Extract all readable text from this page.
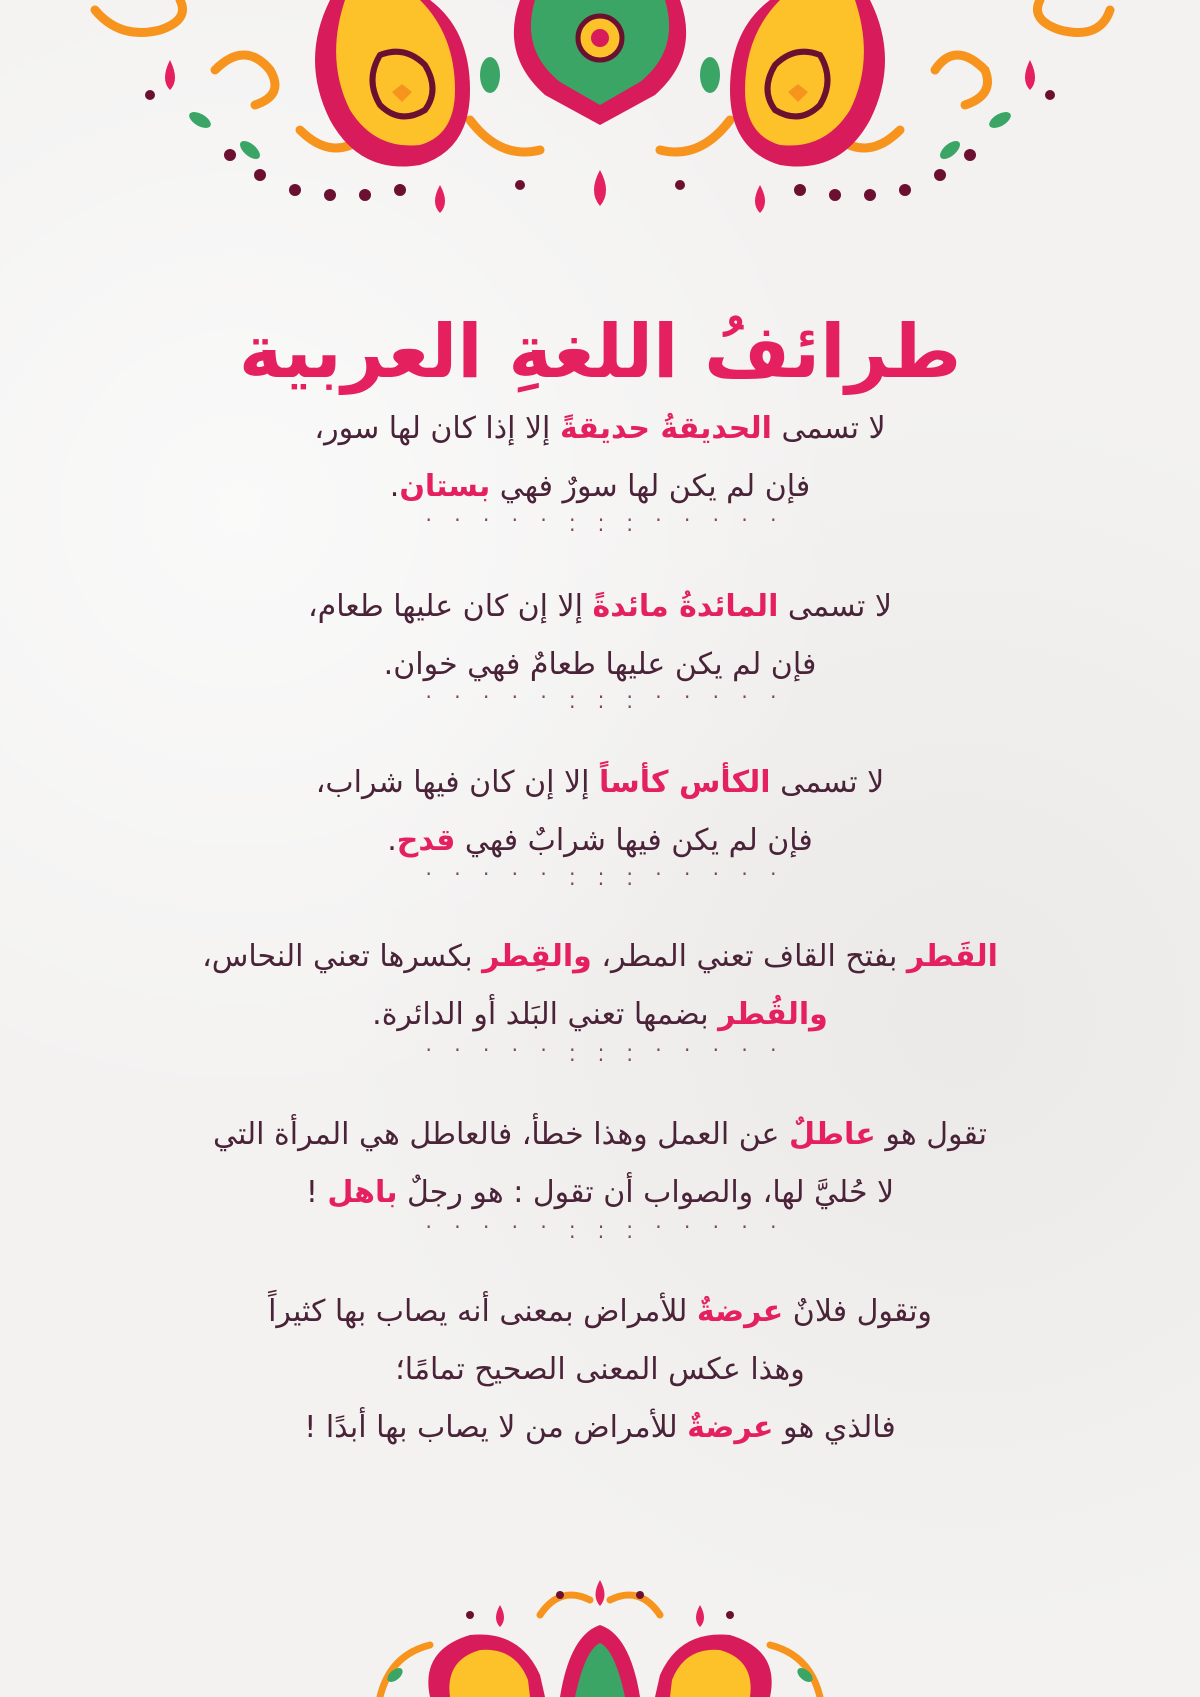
طرائفُ اللغةِ العربية
لا تسمى الحديقةُ حديقةً إلا إذا كان لها سور،
فإن لم يكن لها سورٌ فهي بستان.
· · · · · · · · · · · · · · · ·
لا تسمى المائدةُ مائدةً إلا إن كان عليها طعام،
فإن لم يكن عليها طعامٌ فهي خوان.
· · · · · · · · · · · · · · · ·
لا تسمى الكأس كأساً إلا إن كان فيها شراب،
فإن لم يكن فيها شرابٌ فهي قدح.
· · · · · · · · · · · · · · · ·
القَطر بفتح القاف تعني المطر، والقِطر بكسرها تعني النحاس،
والقُطر بضمها تعني البَلد أو الدائرة.
· · · · · · · · · · · · · · · ·
تقول هو عاطلٌ عن العمل وهذا خطأ، فالعاطل هي المرأة التي
لا حُليَّ لها، والصواب أن تقول : هو رجلٌ باهل !
· · · · · · · · · · · · · · · ·
وتقول فلانٌ عرضةٌ للأمراض بمعنى أنه يصاب بها كثيراً
وهذا عكس المعنى الصحيح تمامًا؛
فالذي هو عرضةٌ للأمراض من لا يصاب بها أبدًا !
